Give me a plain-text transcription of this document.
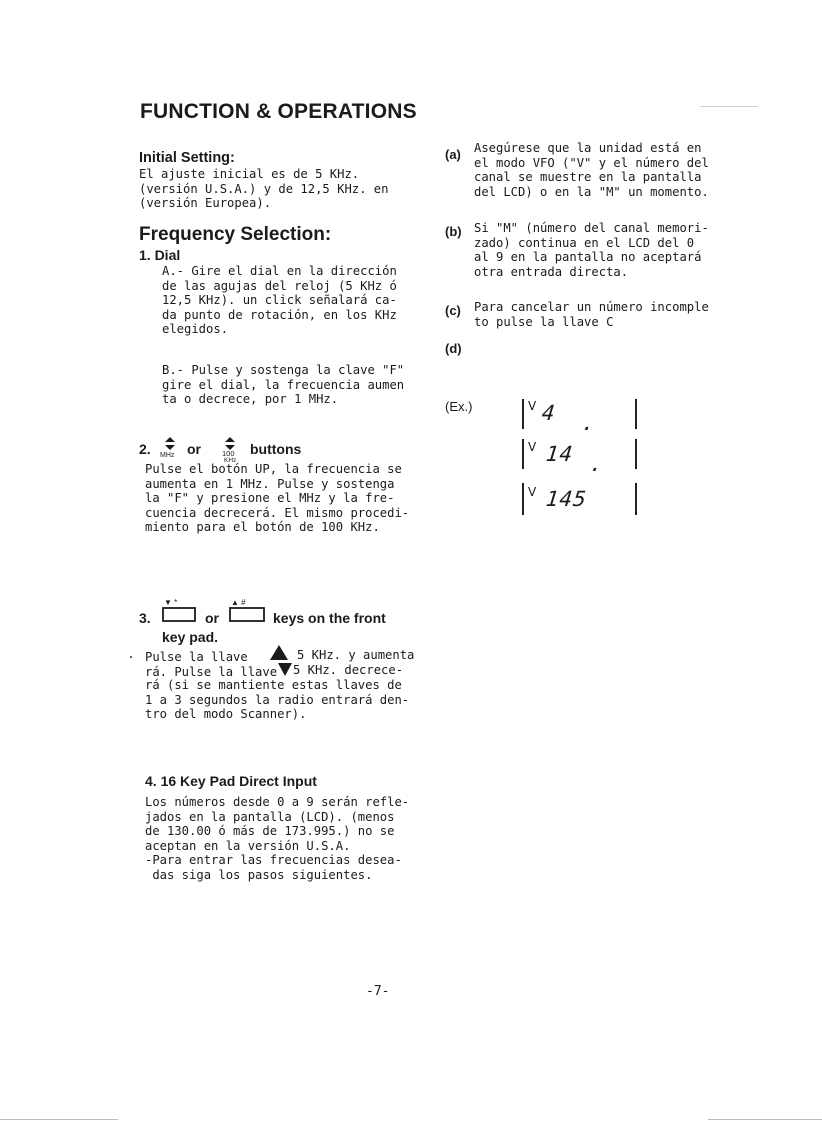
FUNCTION & OPERATIONS
Initial Setting:
El ajuste inicial es de 5 KHz.
(versión U.S.A.) y de 12,5 KHz. en
(versión Europea).
Frequency Selection:
1. Dial
A.- Gire el dial en la dirección
de las agujas del reloj (5 KHz ó
12,5 KHz). un click señalará ca-
da punto de rotación, en los KHz
elegidos.
B.- Pulse y sostenga la clave "F"
gire el dial, la frecuencia aumen
ta o decrece, por 1 MHz.
2. MHz or	100
KHz
buttons
Pulse el botón UP, la frecuencia se
aumenta en 1 MHz. Pulse y sostenga
la "F" y presione el MHz y la fre-
cuencia decrecerá. El mismo procedi-
miento para el botón de 100 KHz.
3.
▼ *
or
▲ #
keys on the front
key pad.
Pulse la llave	5 KHz. y aumenta
rá. Pulse la llave 5 KHz. decrece-
rá (si se mantiente estas llaves de
1 a 3 segundos la radio entrará den-
tro del modo Scanner).
4. 16 Key Pad Direct Input
Los números desde 0 a 9 serán refle-
jados en la pantalla (LCD). (menos
de 130.00 ó más de 173.995.) no se
aceptan en la versión U.S.A.
-Para entrar las frecuencias desea-
das siga los pasos siguientes.
(a) Asegúrese que la unidad está en
el modo VFO ("V" y el número del
canal se muestre en la pantalla
del LCD) o en la "M" un momento.
(b) Si "M" (número del canal memori-
zado) continua en el LCD del 0
al 9 en la pantalla no aceptará
otra entrada directa.
(c) Para cancelar un número incomple
to pulse la llave C
(d)
(Ex.)	V 4 .
V 14 .
V 145
-7-
